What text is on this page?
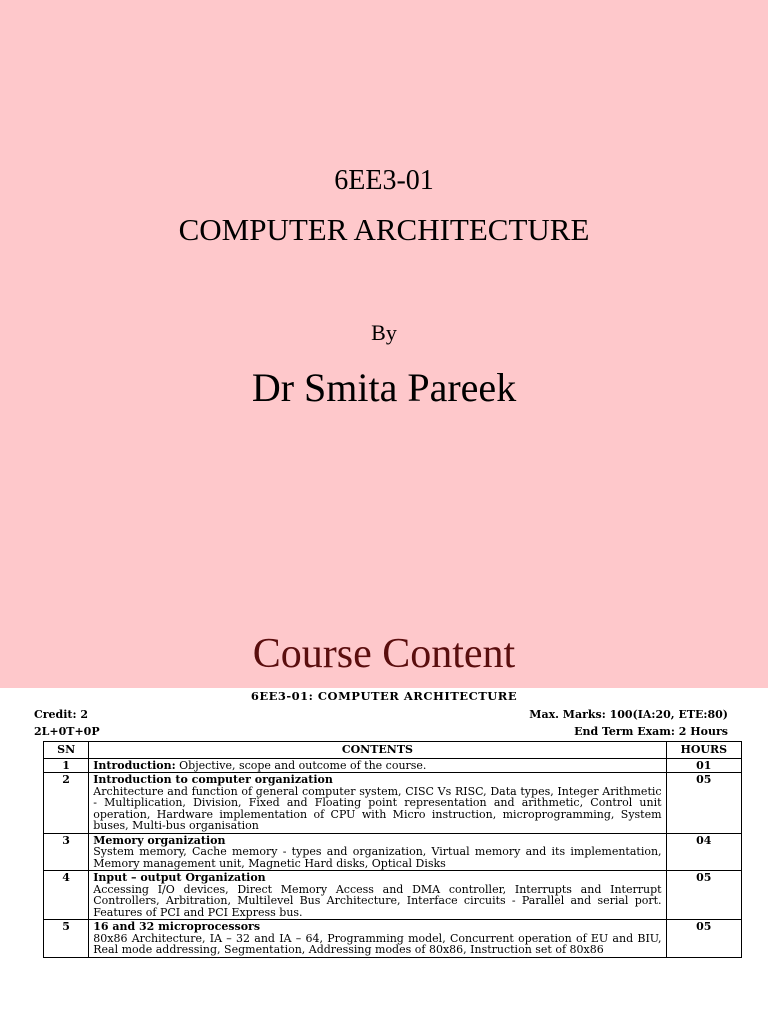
6EE3-01
COMPUTER ARCHITECTURE
By
Dr Smita Pareek
Course Content
6EE3-01: COMPUTER ARCHITECTURE
Credit: 2	Max. Marks: 100(IA:20, ETE:80)
2L+0T+0P	End Term Exam: 2 Hours
SN	CONTENTS	HOURS
1	Introduction: Objective, scope and outcome of the course.	01
2	Introduction to computer organization
Architecture and function of general computer system, CISC Vs RISC, Data types, Integer Arithmetic - Multiplication, Division, Fixed and Floating point representation and arithmetic, Control unit operation, Hardware implementation of CPU with Micro instruction, microprogramming, System buses, Multi-bus organisation	05
3	Memory organization
System memory, Cache memory - types and organization, Virtual memory and its implementation, Memory management unit, Magnetic Hard disks, Optical Disks	04
4	Input – output Organization
Accessing I/O devices, Direct Memory Access and DMA controller, Interrupts and Interrupt Controllers, Arbitration, Multilevel Bus Architecture, Interface circuits - Parallel and serial port. Features of PCI and PCI Express bus.	05
5	16 and 32 microprocessors
80x86 Architecture, IA – 32 and IA – 64, Programming model, Concurrent operation of EU and BIU, Real mode addressing, Segmentation, Addressing modes of 80x86, Instruction set of 80x86	05
